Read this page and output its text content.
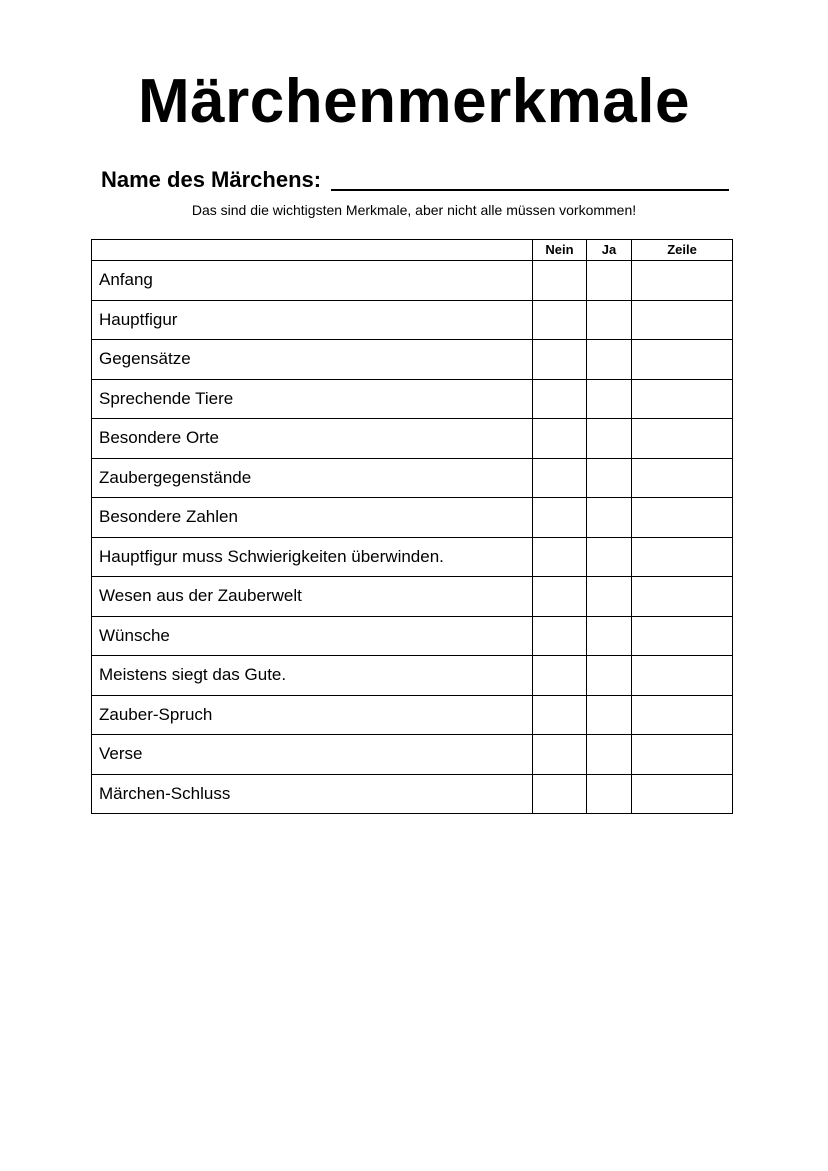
Märchenmerkmale
Name des Märchens:
Das sind die wichtigsten Merkmale, aber nicht alle müssen vorkommen!
	Nein	Ja	Zeile
Anfang			
Hauptfigur			
Gegensätze			
Sprechende Tiere			
Besondere Orte			
Zaubergegenstände			
Besondere Zahlen			
Hauptfigur muss Schwierigkeiten überwinden.			
Wesen aus der Zauberwelt			
Wünsche			
Meistens siegt das Gute.			
Zauber-Spruch			
Verse			
Märchen-Schluss			
